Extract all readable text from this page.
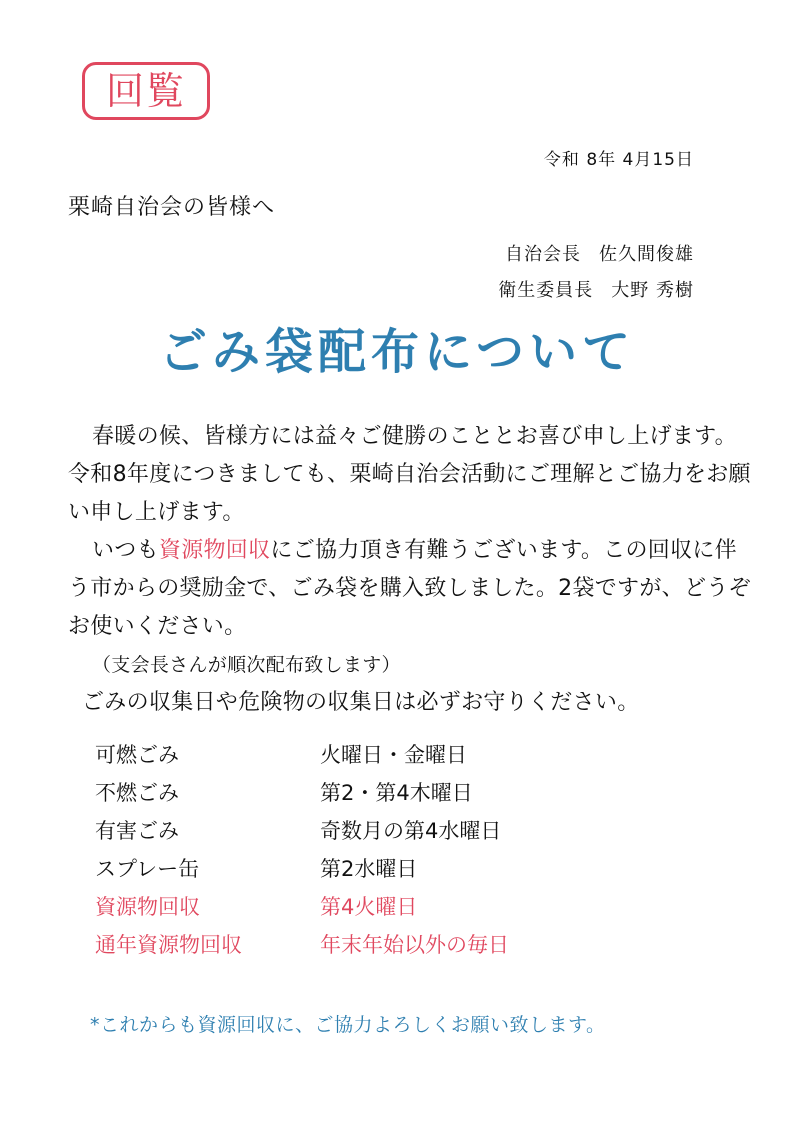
回覧
令和 8年 4月15日
栗崎自治会の皆様へ
自治会長 佐久間俊雄
衛生委員長 大野 秀樹
ごみ袋配布について

春暖の候、皆様方には益々ご健勝のこととお喜び申し上げます。令和8年度につきましても、栗崎自治会活動にご理解とご協力をお願い申し上げます。

いつも資源物回収にご協力頂き有難うございます。この回収に伴う市からの奨励金で、ごみ袋を購入致しました。2袋ですが、どうぞお使いください。

（支会長さんが順次配布致します）

ごみの収集日や危険物の収集日は必ずお守りください。

可燃ごみ	火曜日・金曜日
不燃ごみ	第2・第4木曜日
有害ごみ	奇数月の第4水曜日
スプレー缶	第2水曜日
資源物回収	第4火曜日
通年資源物回収	年末年始以外の毎日
*これからも資源回収に、ご協力よろしくお願い致します。
